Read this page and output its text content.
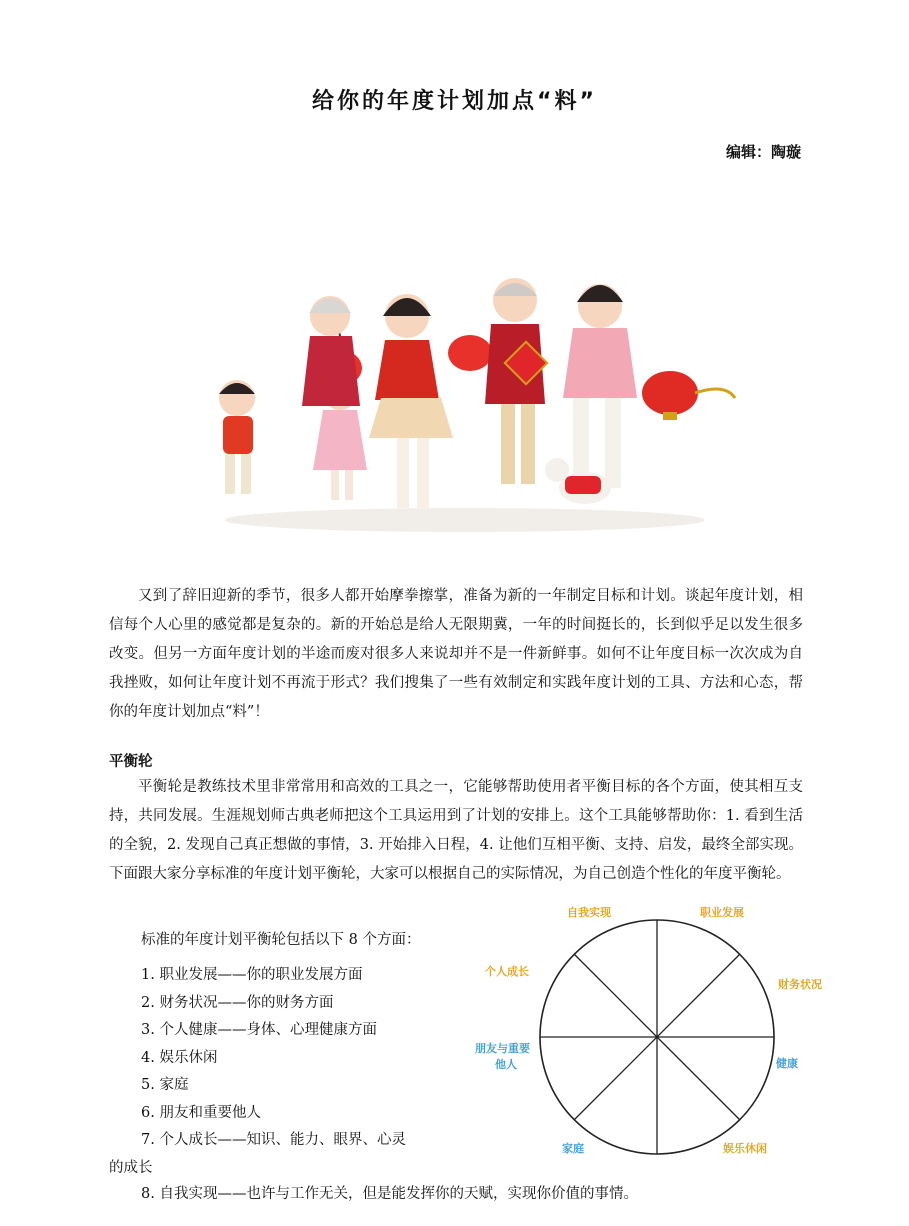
给你的年度计划加点“料”
编辑：陶璇

又到了辞旧迎新的季节，很多人都开始摩拳擦掌，准备为新的一年制定目标和计划。谈起年度计划，相信每个人心里的感觉都是复杂的。新的开始总是给人无限期冀，一年的时间挺长的，长到似乎足以发生很多改变。但另一方面年度计划的半途而废对很多人来说却并不是一件新鲜事。如何不让年度目标一次次成为自我挫败，如何让年度计划不再流于形式？我们搜集了一些有效制定和实践年度计划的工具、方法和心态，帮你的年度计划加点“料”！

平衡轮

平衡轮是教练技术里非常常用和高效的工具之一，它能够帮助使用者平衡目标的各个方面，使其相互支持，共同发展。生涯规划师古典老师把这个工具运用到了计划的安排上。这个工具能够帮助你：1. 看到生活的全貌，2. 发现自己真正想做的事情，3. 开始排入日程，4. 让他们互相平衡、支持、启发，最终全部实现。下面跟大家分享标准的年度计划平衡轮，大家可以根据自己的实际情况，为自己创造个性化的年度平衡轮。

标准的年度计划平衡轮包括以下 8 个方面：
1. 职业发展——你的职业发展方面
2. 财务状况——你的财务方面
3. 个人健康——身体、心理健康方面
4. 娱乐休闲
5. 家庭
6. 朋友和重要他人
7. 个人成长——知识、能力、眼界、心灵
的成长
8. 自我实现——也许与工作无关，但是能发挥你的天赋，实现你价值的事情。
自我实现	职业发展
财务状况
健康
娱乐休闲
家庭
朋友与重要
他人
个人成长
